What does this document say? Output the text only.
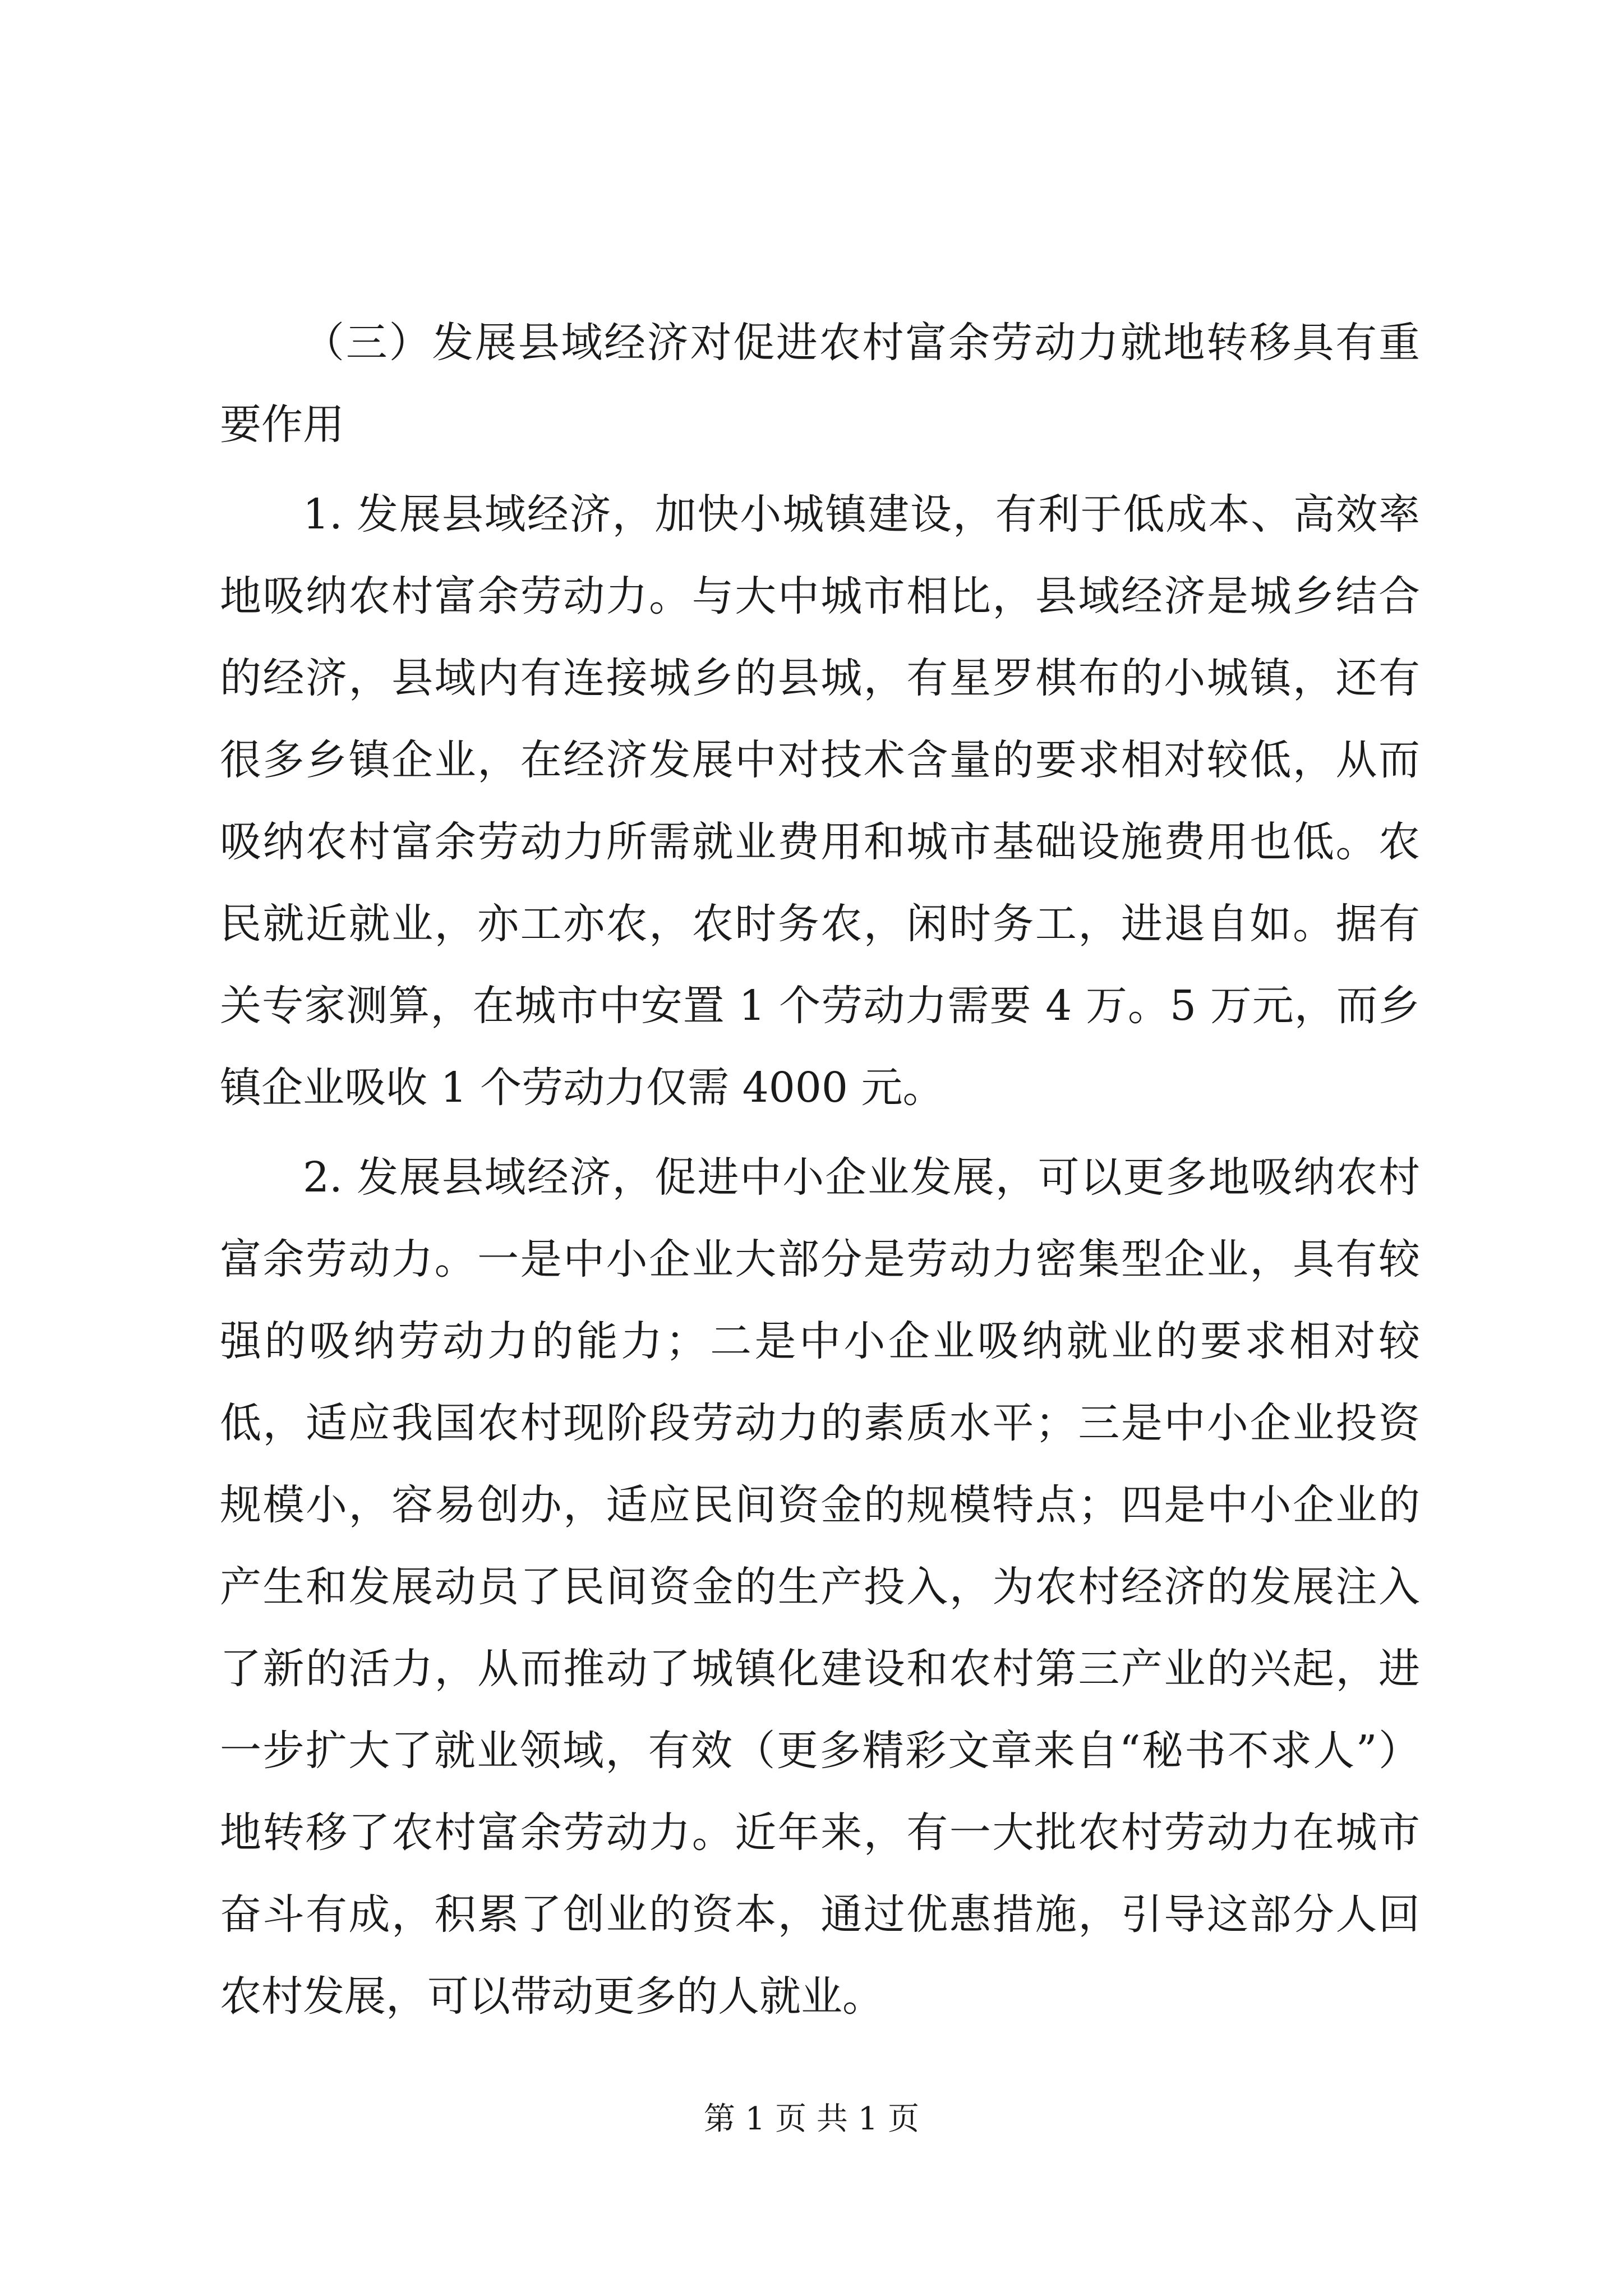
（三）发展县域经济对促进农村富余劳动力就地转移具有重要作用

1. 发展县域经济，加快小城镇建设，有利于低成本、高效率地吸纳农村富余劳动力。与大中城市相比，县域经济是城乡结合的经济，县域内有连接城乡的县城，有星罗棋布的小城镇，还有很多乡镇企业，在经济发展中对技术含量的要求相对较低，从而吸纳农村富余劳动力所需就业费用和城市基础设施费用也低。农民就近就业，亦工亦农，农时务农，闲时务工，进退自如。据有关专家测算，在城市中安置 1 个劳动力需要 4 万。5 万元，而乡镇企业吸收 1 个劳动力仅需 4000 元。

2. 发展县域经济，促进中小企业发展，可以更多地吸纳农村富余劳动力。一是中小企业大部分是劳动力密集型企业，具有较强的吸纳劳动力的能力；二是中小企业吸纳就业的要求相对较低，适应我国农村现阶段劳动力的素质水平；三是中小企业投资规模小，容易创办，适应民间资金的规模特点；四是中小企业的产生和发展动员了民间资金的生产投入，为农村经济的发展注入了新的活力，从而推动了城镇化建设和农村第三产业的兴起，进一步扩大了就业领域，有效（更多精彩文章来自“秘书不求人”）地转移了农村富余劳动力。近年来，有一大批农村劳动力在城市奋斗有成，积累了创业的资本，通过优惠措施，引导这部分人回农村发展，可以带动更多的人就业。

第 1 页 共 1 页
